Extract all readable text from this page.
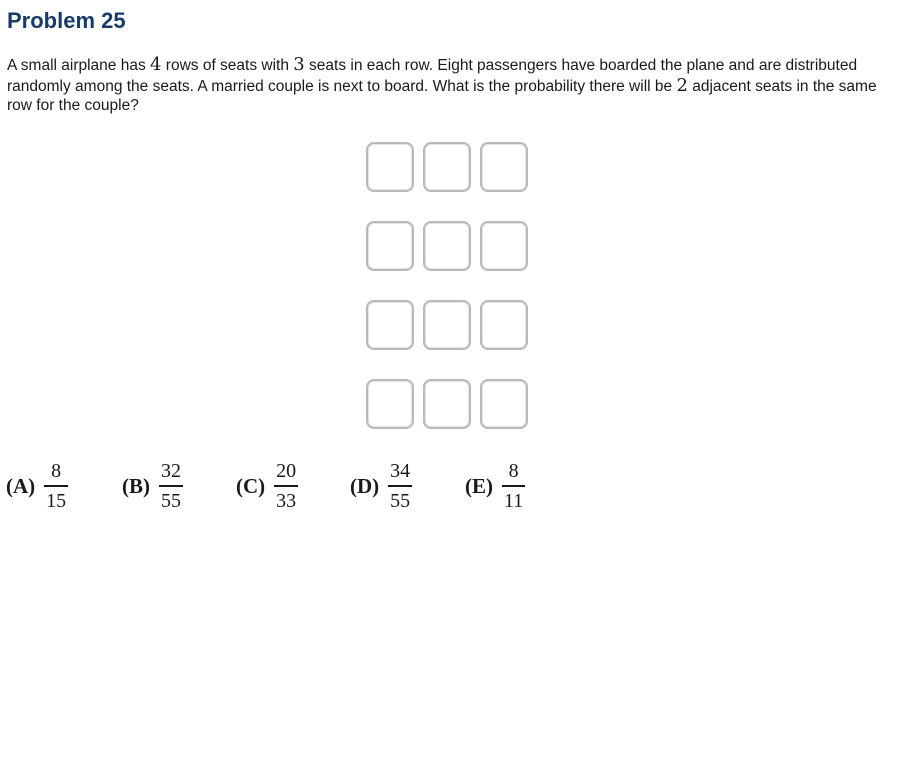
Problem 25
A small airplane has 4 rows of seats with 3 seats in each row. Eight passengers have boarded the plane and are distributed randomly among the seats. A married couple is next to board. What is the probability there will be 2 adjacent seats in the same row for the couple?
$(A) \frac{8}{15}$	$(B) \frac{32}{55}$	$(C) \frac{20}{33} (D) \frac{34}{55}$	$(E) \frac{8}{11}$
